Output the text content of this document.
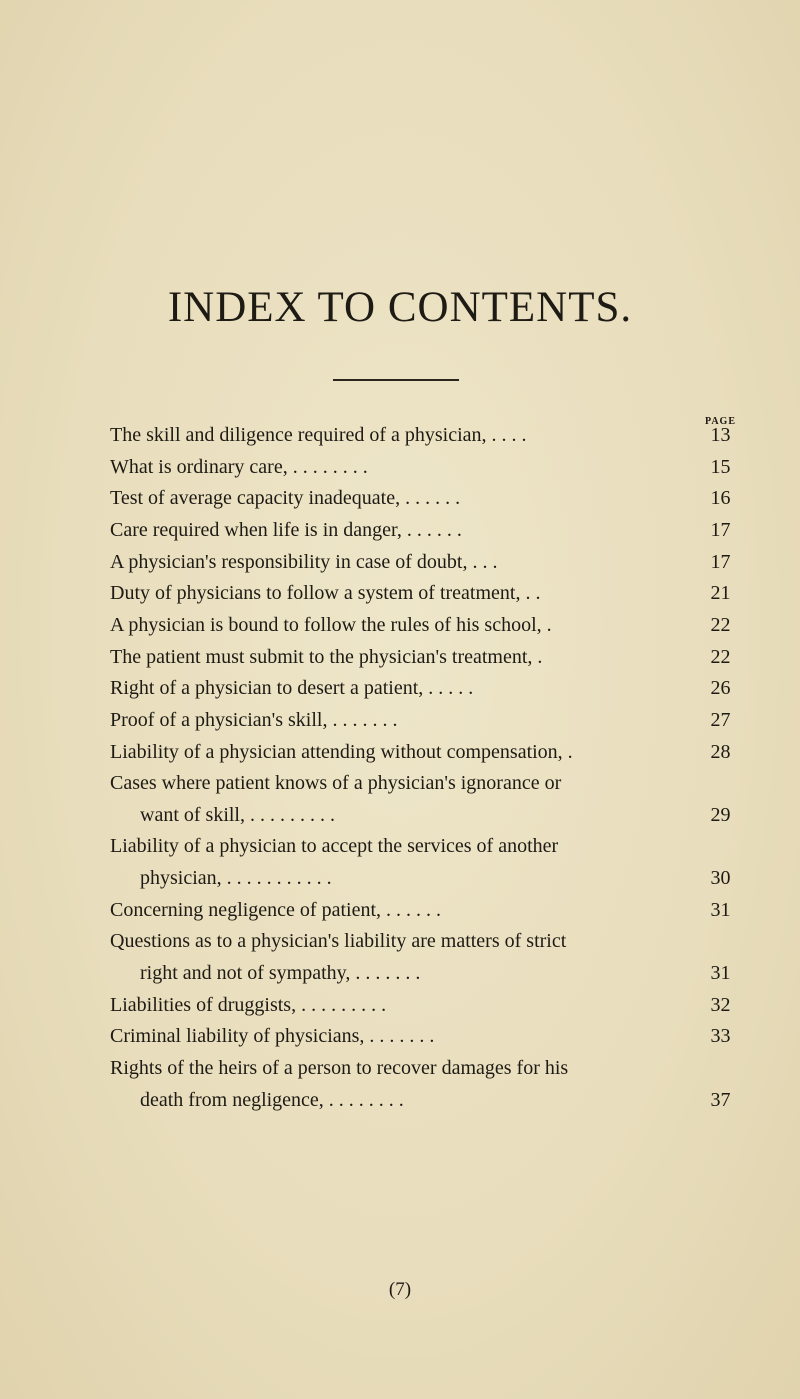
INDEX TO CONTENTS.
PAGE
The skill and diligence required of a physician, . . . .	13
What is ordinary care, . . . . . . . .	15
Test of average capacity inadequate, . . . . . .	16
Care required when life is in danger, . . . . . .	17
A physician's responsibility in case of doubt, . . .	17
Duty of physicians to follow a system of treatment, . .	21
A physician is bound to follow the rules of his school, .	22
The patient must submit to the physician's treatment, .	22
Right of a physician to desert a patient, . . . . .	26
Proof of a physician's skill, . . . . . . .	27
Liability of a physician attending without compensation, .	28
Cases where patient knows of a physician's ignorance or
want of skill, . . . . . . . . .	29
Liability of a physician to accept the services of another
physician, . . . . . . . . . . .	30
Concerning negligence of patient, . . . . . .	31
Questions as to a physician's liability are matters of strict
right and not of sympathy, . . . . . . .	31
Liabilities of druggists, . . . . . . . . .	32
Criminal liability of physicians, . . . . . . .	33
Rights of the heirs of a person to recover damages for his
death from negligence, . . . . . . . .	37
(7)
